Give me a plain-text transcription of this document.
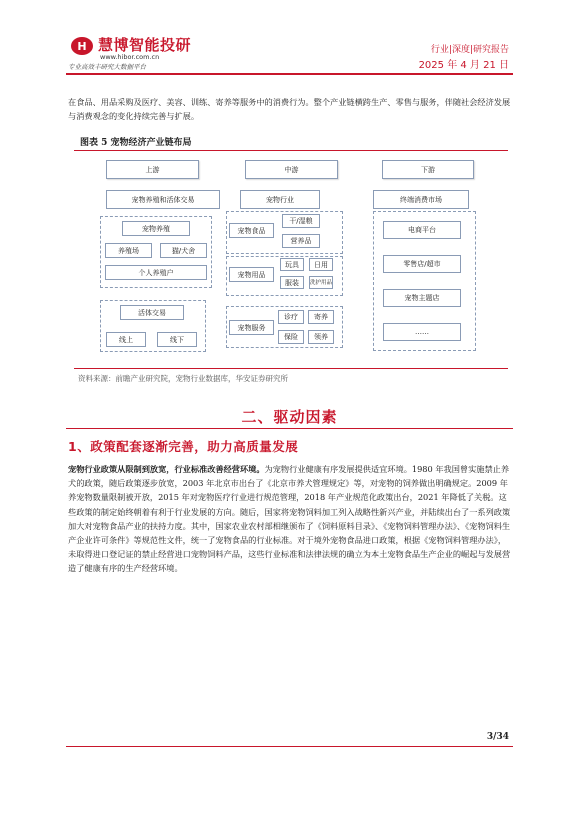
H 慧博智能投研
www.hibor.com.cn
专业高效丰研究大数据平台
行业|深度|研究报告
2025 年 4 月 21 日
在食品、用品采购及医疗、美容、训练、寄养等服务中的消费行为。整个产业链横跨生产、零售与服务，伴随社会经济发展与消费观念的变化持续完善与扩展。
图表 5 宠物经济产业链布局
上游
宠物养殖和活体交易
宠物养殖
养殖场	猫/犬舍
个人养殖户
活体交易
线上	线下
中游
宠物行业
宠物食品
干/湿粮
营养品
宠物用品
玩具	日用
服装	洗护用品
宠物服务
诊疗	寄养
保险	领养
下游
终端消费市场
电商平台
零售店/超市
宠物主题店
……
资料来源：前瞻产业研究院，宠物行业数据库，华安证券研究所
二、驱动因素
1、政策配套逐渐完善，助力高质量发展
宠物行业政策从限制到放宽，行业标准改善经营环境。为宠物行业健康有序发展提供适宜环境。1980 年我国曾实施禁止养犬的政策，随后政策逐步放宽，2003 年北京市出台了《北京市养犬管理规定》等，对宠物的饲养做出明确规定。2009 年养宠物数量限制被开放，2015 年对宠物医疗行业进行规范管理，2018 年产业规范化政策出台，2021 年降低了关税。这些政策的制定始终朝着有利于行业发展的方向。随后，国家将宠物饲料加工列入战略性新兴产业，并陆续出台了一系列政策加大对宠物食品产业的扶持力度。其中，国家农业农村部相继颁布了《饲料原料目录》、《宠物饲料管理办法》、《宠物饲料生产企业许可条件》等规范性文件，统一了宠物食品的行业标准。对于境外宠物食品进口政策，根据《宠物饲料管理办法》，未取得进口登记证的禁止经营进口宠物饲料产品，这些行业标准和法律法规的确立为本土宠物食品生产企业的崛起与发展营造了健康有序的生产经营环境。
3/34
